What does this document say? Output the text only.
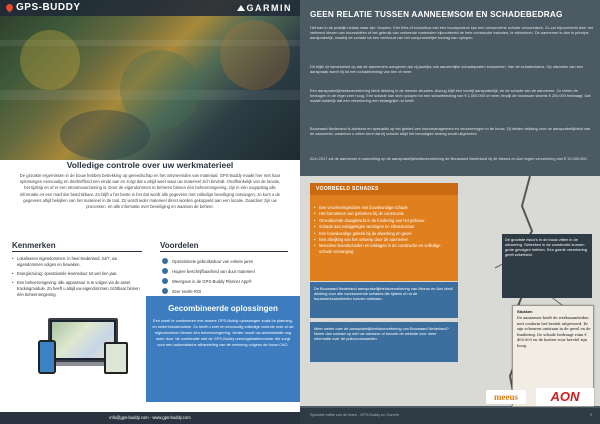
GPS-BUDDY	GARMIN
Volledige controle over uw werkmaterieel
De grootste ergernissen in de bouw hebben betrekking op gereedschap en het ontvreemden van materiaal. GPS-Buddy maakt hier met haar oplossingen eenvoudig en doeltreffend een einde aan en zorgt dat u altijd weet waar uw materieel zich bevindt. Onafhankelijk van de locatie, het tijdstip en of er een stroomvoorziening is. Door de eigendommen te beheren binnen één beheeromgeving, zijn in één oogopslag alle informatie en een machine beschikbaar. Zo blijft u het beste in het dat wordt alle gegevens met volledige beveiliging ontvangen, zo kunt u de gegevens altijd bekijken van het materieel in de tool. Zo wordt ieder materieel direct worden gekoppeld aan een locatie. Daardoor zijn uw processen, en alle informatie over beveiliging en waarvan de beheer.
Kenmerken
• Lokaliseren eigendommen: in heel Nederland, 24/7, uw eigendommen volgen en bewaken.
• Energiezuinig: operationele levensduur tot wel tien jaar.
• Een beheeromgeving: alle apparatuur is te volgen via de asset trackingmodule. Zo heeft u altijd uw eigendommen zichtbaar binnen één beheeromgeving.
Voordelen
Operationele gebruiksduur van enkele jaren
Hogere beschrijfbaarheid van duur materieel
Weergave in de GPS-Buddy Planner App®
Zeer snelle ROI
Gecombineerde oplossingen
Een uniek te combineren met andere GPS-Buddy oplossingen zoals de planning- en onderhoudsmodule. Zo heeft u snel en eenvoudig volledige controle over al uw eigendommen binnen één beheeromgeving. Verder noodt uw administratie nog meer door 'de combinatie met de GPS-Buddy urenregistratiemodule: die zorgt voor een automatische afhandeling van de verloning volgens de bouw-CAO.
info@gps-buddy.com - www.gps-buddy.com
GEEN RELATIE TUSSEN AANNEEMSOM EN SCHADEBEDRAG
Het kan in de praktijk helaas waar zijn: bouwen. Een fiets of schoolbus van een bouwproduct kan een onvoorziene schade veroorzaken. Zo zal bijvoorbeeld door het verkeerd kiezen van bouwstoffen of het gebruik van verkeerde materialen bijvoorbeeld de hele constructie instorten, te stimuleren. De aannemer is dan in principe aansprakelijk, waarbij de schade tot een veelvoud van het oorspronkelijke bedrag kan oplopen.
Dit blijkt uit handdoeket op dat de aannemers aangeven dat zij jaarlijks ook aanzienlijke schadeposten incasseren. Van de schadeclaims. Op uitsluiten van een aanspraak wordt hij tot een schadebedrag van tien of meer.
Een aansprakelijkheidsverzekering biedt dekking in de meeste situaties. Alsnog blijft een bedrijf aansprakelijk, en de schade van de aannemer. Zo vielen de bedragen in de regel zeer hoog. Een schade kan snel oplopen tot een schadebedrag van € 1.000.000 of meer, terwijl de bouwsom slechts € 200.000 bedraagt. Dat maakt duidelijk dat een verzekering een belangrijke rol heeft.
Bouwaard Nederland is adviseur en specialist op het gebied van risicomanagement en verzekeringen in de bouw. Zij bieden dekking voor de aansprakelijkheid van de aannemer, waardoor u zeker bent dat bij schade altijd het benodigde bedrag wordt uitgekeerd.
Al in 2017 zal de aannemer in aanvulling op de aansprakelijkheidsverzekering de Bouwaard Nederland bij de Meeus en Aon tegen verzekering van € 10.000.000.
VOORBEELD SCHADES
• Een verzekeringsclaim met bouwkundige schade
• Het formuleren van gebreken bij de constructie
• Onvoldoende draagkracht in de fundering van het gebouw
• Schade aan nabijgelegen woningen en infrastructuur
• Een bouwkundige gebrek bij de afwerking en gevel
• Een afwijking van het ontwerp door de aannemer
• Meerdere brandschaden en lekkages in de constructie en volledige schade vervanging

De Bouwaard Nederland aansprakelijkheidsverzekering van Meeus en Aon biedt dekking voor alle voorkomende schades die tijdens of na de bouwwerkzaamheden kunnen ontstaan.

Meer weten over de aansprakelijkheidsverzekering van Bouwaard Nederland? Neem dan contact op met uw adviseur of bezoek de website voor meer informatie over de polisvoorwaarden.

De grootste risico's in de bouw zitten in de uitvoering. Gebreken in de constructie kunnen grote gevolgen hebben. Een goede verzekering geeft zekerheid.

Stukken
De aannemer heeft de werkzaamheden niet conform het bestek uitgevoerd. Er zijn scheuren ontstaan in de gevel en de fundering. De schade bedraagt ruim € 400.000 en de kosten voor herstel zijn hoog.
meeus	AON
Speciale editie van de krant - GPS-Buddy en Garmin	9
